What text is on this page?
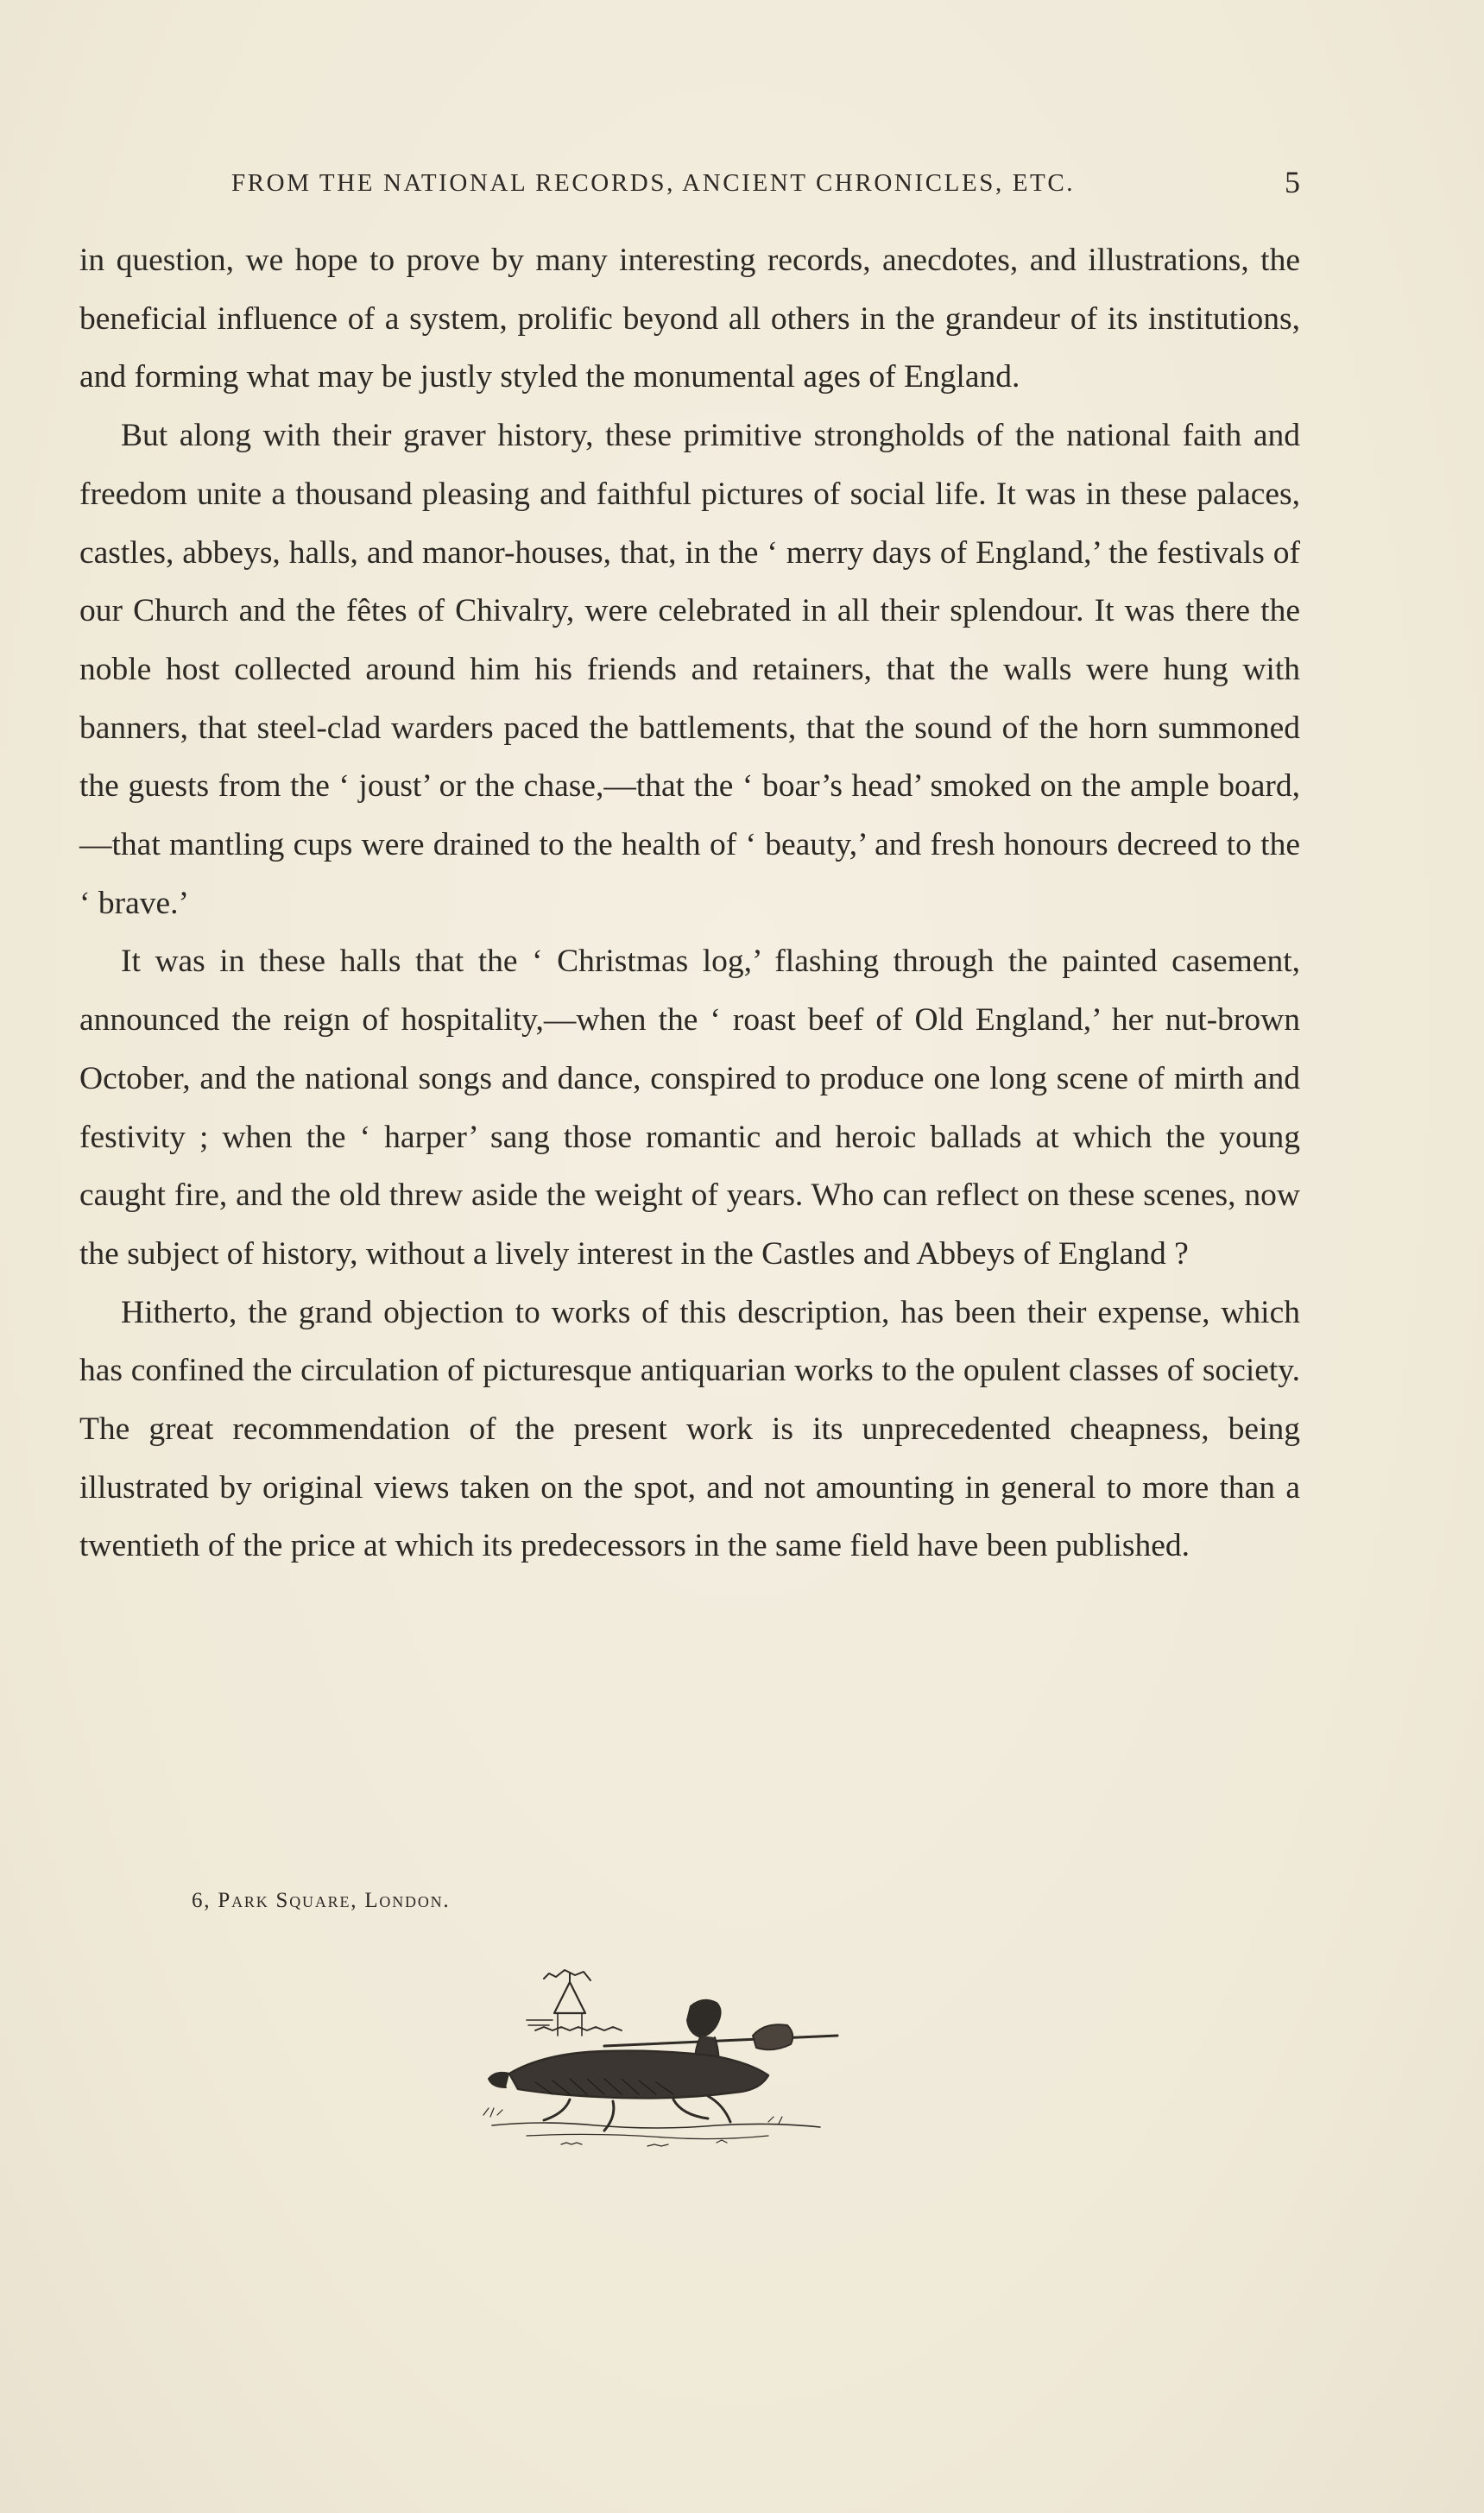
FROM THE NATIONAL RECORDS, ANCIENT CHRONICLES, ETC.	5

in question, we hope to prove by many interesting records, anecdotes, and illustrations, the beneficial influence of a system, prolific beyond all others in the grandeur of its institutions, and forming what may be justly styled the monumental ages of England.

But along with their graver history, these primitive strongholds of the national faith and freedom unite a thousand pleasing and faithful pictures of social life. It was in these palaces, castles, abbeys, halls, and manor-houses, that, in the ‘ merry days of England,’ the festivals of our Church and the fêtes of Chivalry, were celebrated in all their splendour. It was there the noble host collected around him his friends and retainers, that the walls were hung with banners, that steel-clad warders paced the battlements, that the sound of the horn summoned the guests from the ‘ joust’ or the chase,—that the ‘ boar’s head’ smoked on the ample board,—that mantling cups were drained to the health of ‘ beauty,’ and fresh honours decreed to the ‘ brave.’

It was in these halls that the ‘ Christmas log,’ flashing through the painted casement, announced the reign of hospitality,—when the ‘ roast beef of Old England,’ her nut-brown October, and the national songs and dance, conspired to produce one long scene of mirth and festivity ; when the ‘ harper’ sang those romantic and heroic ballads at which the young caught fire, and the old threw aside the weight of years. Who can reflect on these scenes, now the subject of history, without a lively interest in the Castles and Abbeys of England ?

Hitherto, the grand objection to works of this description, has been their expense, which has confined the circulation of picturesque antiquarian works to the opulent classes of society. The great recommendation of the present work is its unprecedented cheapness, being illustrated by original views taken on the spot, and not amounting in general to more than a twentieth of the price at which its predecessors in the same field have been published.

6, Park Square, London.
